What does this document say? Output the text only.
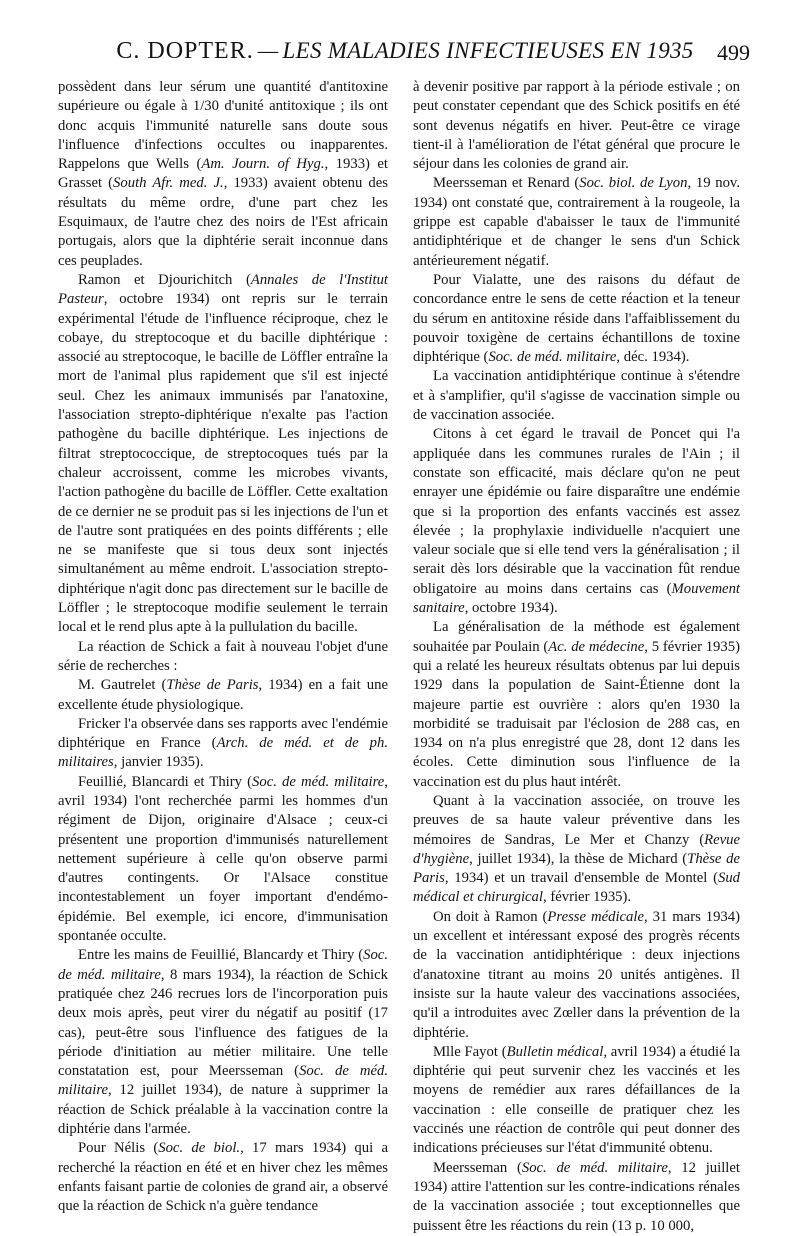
C. DOPTER. — LES MALADIES INFECTIEUSES EN 1935 499

possèdent dans leur sérum une quantité d'antitoxine supérieure ou égale à 1/30 d'unité antitoxique ; ils ont donc acquis l'immunité naturelle sans doute sous l'influence d'infections occultes ou inapparentes. Rappelons que Wells (Am. Journ. of Hyg., 1933) et Grasset (South Afr. med. J., 1933) avaient obtenu des résultats du même ordre, d'une part chez les Esquimaux, de l'autre chez des noirs de l'Est africain portugais, alors que la diphtérie serait inconnue dans ces peuplades.

Ramon et Djourichitch (Annales de l'Institut Pasteur, octobre 1934) ont repris sur le terrain expérimental l'étude de l'influence réciproque, chez le cobaye, du streptocoque et du bacille diphtérique : associé au streptocoque, le bacille de Löffler entraîne la mort de l'animal plus rapidement que s'il est injecté seul. Chez les animaux immunisés par l'anatoxine, l'association strepto-diphtérique n'exalte pas l'action pathogène du bacille diphtérique. Les injections de filtrat streptococcique, de streptocoques tués par la chaleur accroissent, comme les microbes vivants, l'action pathogène du bacille de Löffler. Cette exaltation de ce dernier ne se produit pas si les injections de l'un et de l'autre sont pratiquées en des points différents ; elle ne se manifeste que si tous deux sont injectés simultanément au même endroit. L'association strepto-diphtérique n'agit donc pas directement sur le bacille de Löffler ; le streptocoque modifie seulement le terrain local et le rend plus apte à la pullulation du bacille.

La réaction de Schick a fait à nouveau l'objet d'une série de recherches :

M. Gautrelet (Thèse de Paris, 1934) en a fait une excellente étude physiologique.

Fricker l'a observée dans ses rapports avec l'endémie diphtérique en France (Arch. de méd. et de ph. militaires, janvier 1935).

Feuillié, Blancardi et Thiry (Soc. de méd. militaire, avril 1934) l'ont recherchée parmi les hommes d'un régiment de Dijon, originaire d'Alsace ; ceux-ci présentent une proportion d'immunisés naturellement nettement supérieure à celle qu'on observe parmi d'autres contingents. Or l'Alsace constitue incontestablement un foyer important d'endémo-épidémie. Bel exemple, ici encore, d'immunisation spontanée occulte.

Entre les mains de Feuillié, Blancardy et Thiry (Soc. de méd. militaire, 8 mars 1934), la réaction de Schick pratiquée chez 246 recrues lors de l'incorporation puis deux mois après, peut virer du négatif au positif (17 cas), peut-être sous l'influence des fatigues de la période d'initiation au métier militaire. Une telle constatation est, pour Meersseman (Soc. de méd. militaire, 12 juillet 1934), de nature à supprimer la réaction de Schick préalable à la vaccination contre la diphtérie dans l'armée.

Pour Nélis (Soc. de biol., 17 mars 1934) qui a recherché la réaction en été et en hiver chez les mêmes enfants faisant partie de colonies de grand air, a observé que la réaction de Schick n'a guère tendance

à devenir positive par rapport à la période estivale ; on peut constater cependant que des Schick positifs en été sont devenus négatifs en hiver. Peut-être ce virage tient-il à l'amélioration de l'état général que procure le séjour dans les colonies de grand air.

Meersseman et Renard (Soc. biol. de Lyon, 19 nov. 1934) ont constaté que, contrairement à la rougeole, la grippe est capable d'abaisser le taux de l'immunité antidiphtérique et de changer le sens d'un Schick antérieurement négatif.

Pour Vialatte, une des raisons du défaut de concordance entre le sens de cette réaction et la teneur du sérum en antitoxine réside dans l'affaiblissement du pouvoir toxigène de certains échantillons de toxine diphtérique (Soc. de méd. militaire, déc. 1934).

La vaccination antidiphtérique continue à s'étendre et à s'amplifier, qu'il s'agisse de vaccination simple ou de vaccination associée.

Citons à cet égard le travail de Poncet qui l'a appliquée dans les communes rurales de l'Ain ; il constate son efficacité, mais déclare qu'on ne peut enrayer une épidémie ou faire disparaître une endémie que si la proportion des enfants vaccinés est assez élevée ; la prophylaxie individuelle n'acquiert une valeur sociale que si elle tend vers la généralisation ; il serait dès lors désirable que la vaccination fût rendue obligatoire au moins dans certains cas (Mouvement sanitaire, octobre 1934).

La généralisation de la méthode est également souhaitée par Poulain (Ac. de médecine, 5 février 1935) qui a relaté les heureux résultats obtenus par lui depuis 1929 dans la population de Saint-Étienne dont la majeure partie est ouvrière : alors qu'en 1930 la morbidité se traduisait par l'éclosion de 288 cas, en 1934 on n'a plus enregistré que 28, dont 12 dans les écoles. Cette diminution sous l'influence de la vaccination est du plus haut intérêt.

Quant à la vaccination associée, on trouve les preuves de sa haute valeur préventive dans les mémoires de Sandras, Le Mer et Chanzy (Revue d'hygiène, juillet 1934), la thèse de Michard (Thèse de Paris, 1934) et un travail d'ensemble de Montel (Sud médical et chirurgical, février 1935).

On doit à Ramon (Presse médicale, 31 mars 1934) un excellent et intéressant exposé des progrès récents de la vaccination antidiphtérique : deux injections d'anatoxine titrant au moins 20 unités antigènes. Il insiste sur la haute valeur des vaccinations associées, qu'il a introduites avec Zœller dans la prévention de la diphtérie.

Mlle Fayot (Bulletin médical, avril 1934) a étudié la diphtérie qui peut survenir chez les vaccinés et les moyens de remédier aux rares défaillances de la vaccination : elle conseille de pratiquer chez les vaccinés une réaction de contrôle qui peut donner des indications précieuses sur l'état d'immunité obtenu.

Meersseman (Soc. de méd. militaire, 12 juillet 1934) attire l'attention sur les contre-indications rénales de la vaccination associée ; tout exceptionnelles que puissent être les réactions du rein (13 p. 10 000,
